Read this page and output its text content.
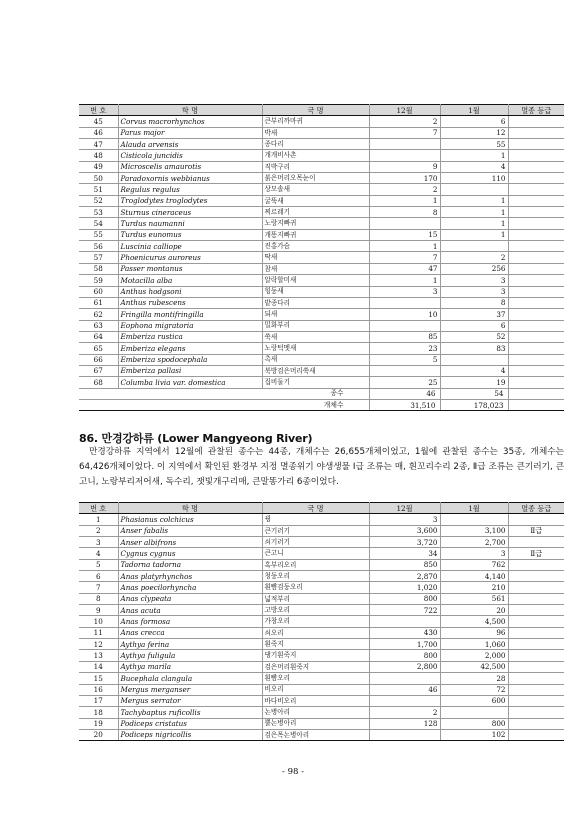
번 호	학 명	국 명	12월	1월	멸종 등급
45	Corvus macrorhynchos	큰부리까마귀	2	6	
46	Parus major	박새	7	12	
47	Alauda arvensis	종다리		55	
48	Cisticola juncidis	개개비사촌		1	
49	Microscelis amaurotis	직박구리	9	4	
50	Paradoxornis webbianus	붉은머리오목눈이	170	110	
51	Regulus regulus	상모솔새	2		
52	Troglodytes troglodytes	굴뚝새	1	1	
53	Sturnus cineraceus	찌르레기	8	1	
54	Turdus naumanni	노랑지빠귀		1	
55	Turdus eunomus	개똥지빠귀	15	1	
56	Luscinia calliope	진홍가슴	1		
57	Phoenicurus auroreus	딱새	7	2	
58	Passer montanus	참새	47	256	
59	Motacilla alba	알락할미새	1	3	
60	Anthus hodgsoni	힝둥새	3	3	
61	Anthus rubescens	밭종다리		8	
62	Fringilla montifringilla	되새	10	37	
63	Eophona migratoria	밀화부리		6	
64	Emberiza rustica	쑥새	85	52	
65	Emberiza elegans	노랑턱멧새	23	83	
66	Emberiza spodocephala	촉새	5		
67	Emberiza pallasi	북방검은머리쑥새		4	
68	Columba livia var. domestica	집비둘기	25	19	
종수			46	54	
개체수			31,510	178,023	
86. 만경강하류 (Lower Mangyeong River)
만경강하류 지역에서 12월에 관찰된 종수는 44종, 개체수는 26,655개체이었고, 1월에 관찰된 종수는 35종, 개체수는 64,426개체이었다. 이 지역에서 확인된 환경부 지정 멸종위기 야생생물 Ⅰ급 조류는 매, 흰꼬리수리 2종, Ⅱ급 조류는 큰기러기, 큰고니, 노랑부리저어새, 독수리, 잿빛개구리매, 큰말똥가리 6종이었다.
번 호	학 명	국 명	12월	1월	멸종 등급
1	Phasianus colchicus	꿩	3		
2	Anser fabalis	큰기러기	3,600	3,100	Ⅱ급
3	Anser albifrons	쇠기러기	3,720	2,700	
4	Cygnus cygnus	큰고니	34	3	Ⅱ급
5	Tadorna tadorna	혹부리오리	850	762	
6	Anas platyrhynchos	청둥오리	2,870	4,140	
7	Anas poecilorhyncha	흰뺨검둥오리	1,020	210	
8	Anas clypeata	넓적부리	800	561	
9	Anas acuta	고방오리	722	20	
10	Anas formosa	가창오리		4,500	
11	Anas crecca	쇠오리	430	96	
12	Aythya ferina	흰죽지	1,700	1,060	
13	Aythya fuligula	댕기흰죽지	800	2,000	
14	Aythya marila	검은머리흰죽지	2,800	42,500	
15	Bucephala clangula	흰뺨오리		28	
16	Mergus merganser	비오리	46	72	
17	Mergus serrator	바다비오리		600	
18	Tachybaptus ruficollis	논병아리	2		
19	Podiceps cristatus	뿔논병아리	128	800	
20	Podiceps nigricollis	검은목논병아리		102	
- 98 -
